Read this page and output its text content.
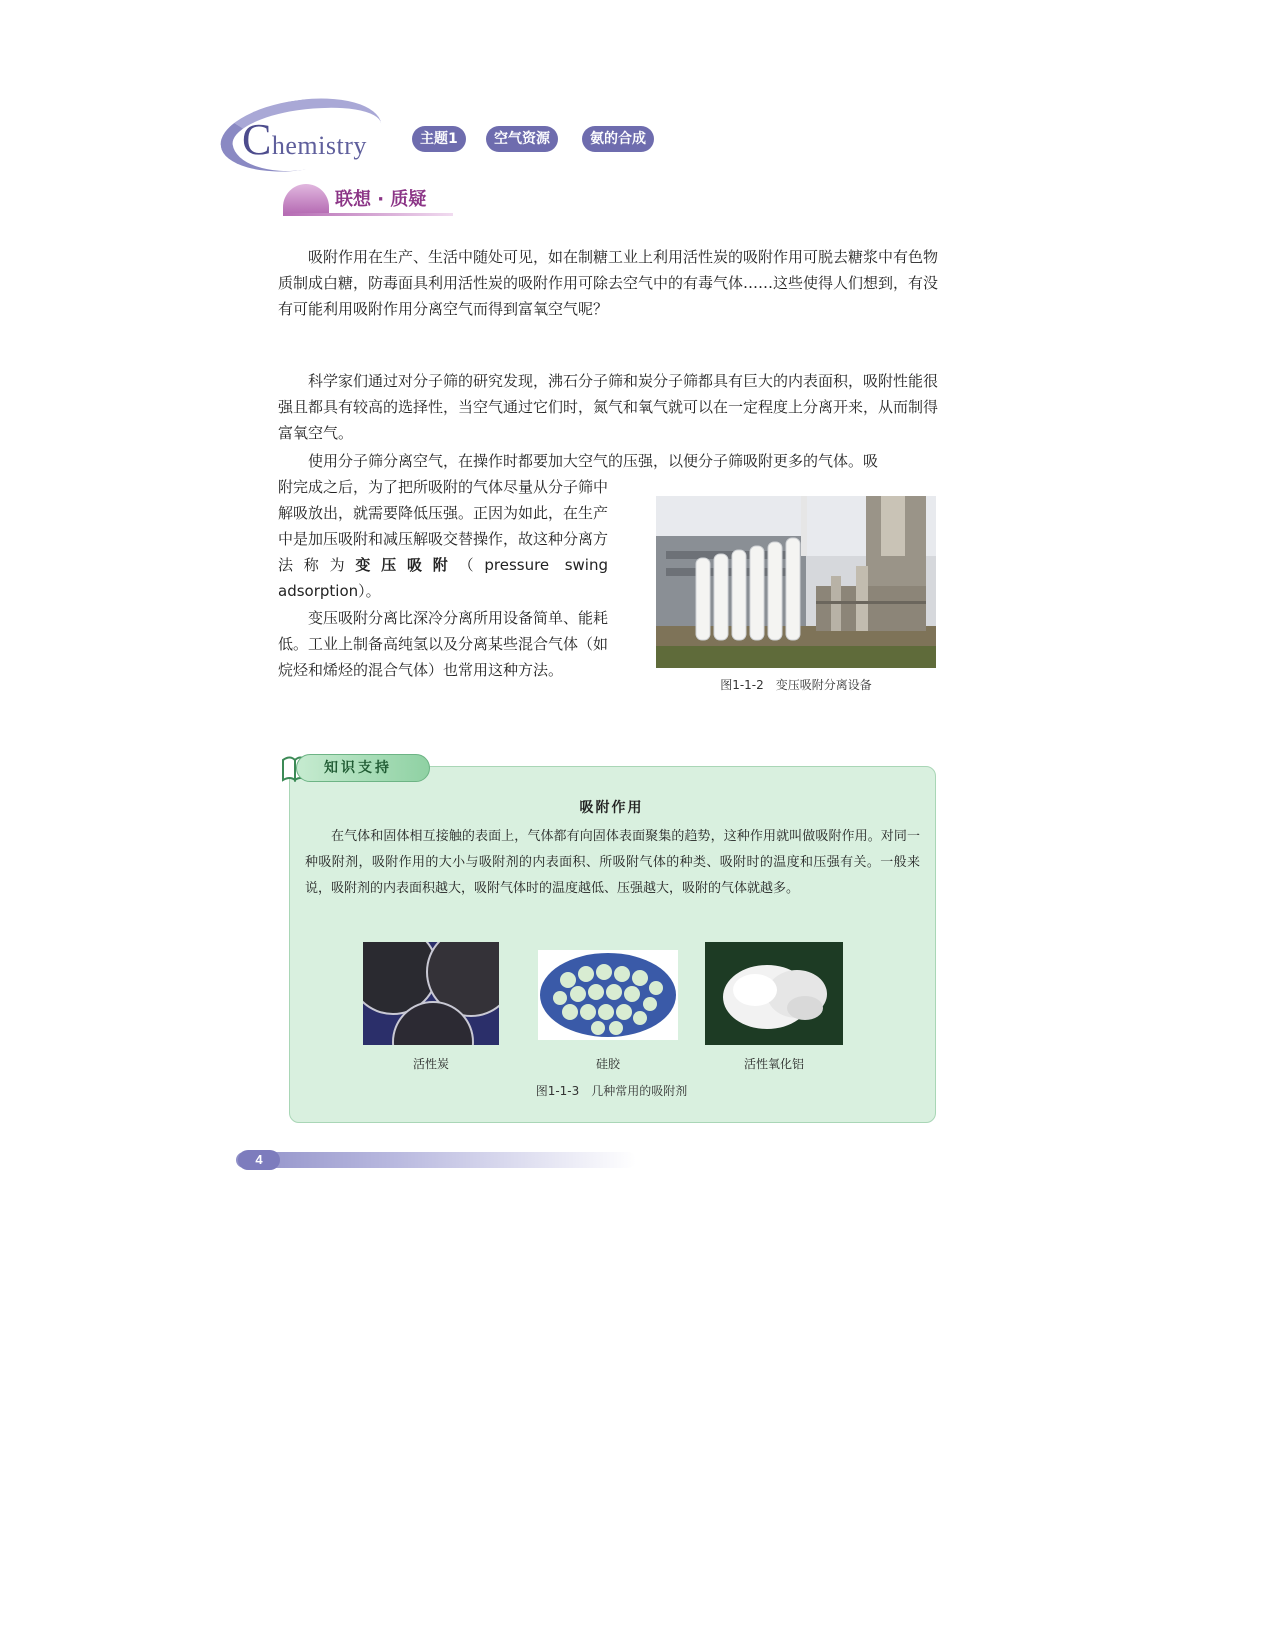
Chemistry	主题1	空气资源	氨的合成
联想 · 质疑

吸附作用在生产、生活中随处可见，如在制糖工业上利用活性炭的吸附作用可脱去糖浆中有色物质制成白糖，防毒面具利用活性炭的吸附作用可除去空气中的有毒气体……这些使得人们想到，有没有可能利用吸附作用分离空气而得到富氧空气呢？

科学家们通过对分子筛的研究发现，沸石分子筛和炭分子筛都具有巨大的内表面积，吸附性能很强且都具有较高的选择性，当空气通过它们时，氮气和氧气就可以在一定程度上分离开来，从而制得富氧空气。

使用分子筛分离空气，在操作时都要加大空气的压强，以便分子筛吸附更多的气体。吸

附完成之后，为了把所吸附的气体尽量从分子筛中解吸放出，就需要降低压强。正因为如此，在生产中是加压吸附和减压解吸交替操作，故这种分离方法称为变压吸附（pressure swing adsorption）。

变压吸附分离比深冷分离所用设备简单、能耗低。工业上制备高纯氢以及分离某些混合气体（如烷烃和烯烃的混合气体）也常用这种方法。

图1-1-2　变压吸附分离设备
知识支持
吸附作用

在气体和固体相互接触的表面上，气体都有向固体表面聚集的趋势，这种作用就叫做吸附作用。对同一种吸附剂，吸附作用的大小与吸附剂的内表面积、所吸附气体的种类、吸附时的温度和压强有关。一般来说，吸附剂的内表面积越大，吸附气体时的温度越低、压强越大，吸附的气体就越多。

活性炭	硅胶	活性氧化铝
图1-1-3　几种常用的吸附剂
4
